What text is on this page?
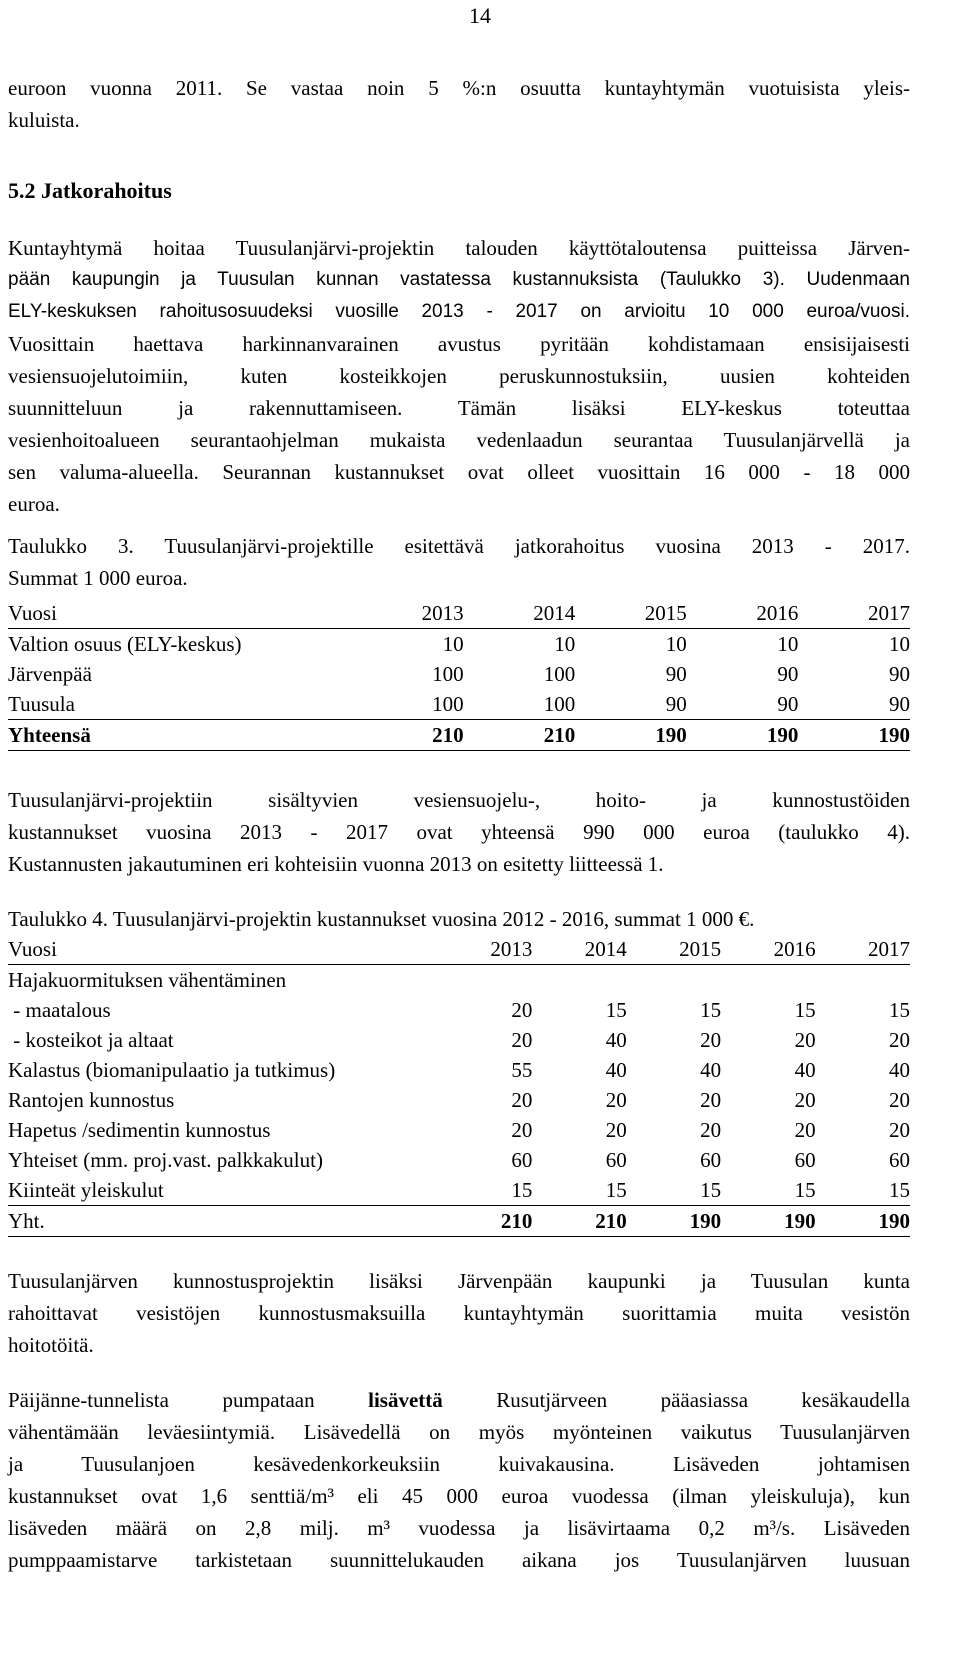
14
euroon vuonna 2011. Se vastaa noin 5 %:n osuutta kuntayhtymän vuotuisista yleis-
kuluista.
5.2 Jatkorahoitus
Kuntayhtymä hoitaa Tuusulanjärvi-projektin talouden käyttötaloutensa puitteissa Järven-
pään kaupungin ja Tuusulan kunnan vastatessa kustannuksista (Taulukko 3). Uudenmaan
ELY-keskuksen rahoitusosuudeksi vuosille 2013 - 2017 on arvioitu 10 000 euroa/vuosi.
Vuosittain haettava harkinnanvarainen avustus pyritään kohdistamaan ensisijaisesti
vesiensuojelutoimiin, kuten kosteikkojen peruskunnostuksiin, uusien kohteiden
suunnitteluun ja rakennuttamiseen. Tämän lisäksi ELY-keskus toteuttaa
vesienhoitoalueen seurantaohjelman mukaista vedenlaadun seurantaa Tuusulanjärvellä ja
sen valuma-alueella. Seurannan kustannukset ovat olleet vuosittain 16 000 - 18 000
euroa.
Taulukko 3. Tuusulanjärvi-projektille esitettävä jatkorahoitus vuosina 2013 - 2017.
Summat 1 000 euroa.
Vuosi	2013	2014	2015	2016	2017
Valtion osuus (ELY-keskus)	10	10	10	10	10
Järvenpää	100	100	90	90	90
Tuusula	100	100	90	90	90
Yhteensä	210	210	190	190	190
Tuusulanjärvi-projektiin sisältyvien vesiensuojelu-, hoito- ja kunnostustöiden
kustannukset vuosina 2013 - 2017 ovat yhteensä 990 000 euroa (taulukko 4).
Kustannusten jakautuminen eri kohteisiin vuonna 2013 on esitetty liitteessä 1.
Taulukko 4. Tuusulanjärvi-projektin kustannukset vuosina 2012 - 2016, summat 1 000 €.
Vuosi	2013	2014	2015	2016	2017
Hajakuormituksen vähentäminen					
- maatalous	20	15	15	15	15
- kosteikot ja altaat	20	40	20	20	20
Kalastus (biomanipulaatio ja tutkimus)	55	40	40	40	40
Rantojen kunnostus	20	20	20	20	20
Hapetus /sedimentin kunnostus	20	20	20	20	20
Yhteiset (mm. proj.vast. palkkakulut)	60	60	60	60	60
Kiinteät yleiskulut	15	15	15	15	15
Yht.	210	210	190	190	190
Tuusulanjärven kunnostusprojektin lisäksi Järvenpään kaupunki ja Tuusulan kunta
rahoittavat vesistöjen kunnostusmaksuilla kuntayhtymän suorittamia muita vesistön
hoitotöitä.
Päijänne-tunnelista pumpataan	lisävettä	Rusutjärveen pääasiassa kesäkaudella
vähentämään leväesiintymiä. Lisävedellä on myös myönteinen vaikutus Tuusulanjärven
ja Tuusulanjoen kesävedenkorkeuksiin kuivakausina. Lisäveden johtamisen
kustannukset ovat 1,6 senttiä/m³ eli 45 000 euroa vuodessa (ilman yleiskuluja), kun
lisäveden määrä on 2,8 milj. m³ vuodessa ja lisävirtaama 0,2 m³/s. Lisäveden
pumppaamistarve tarkistetaan suunnittelukauden aikana jos Tuusulanjärven luusuan
